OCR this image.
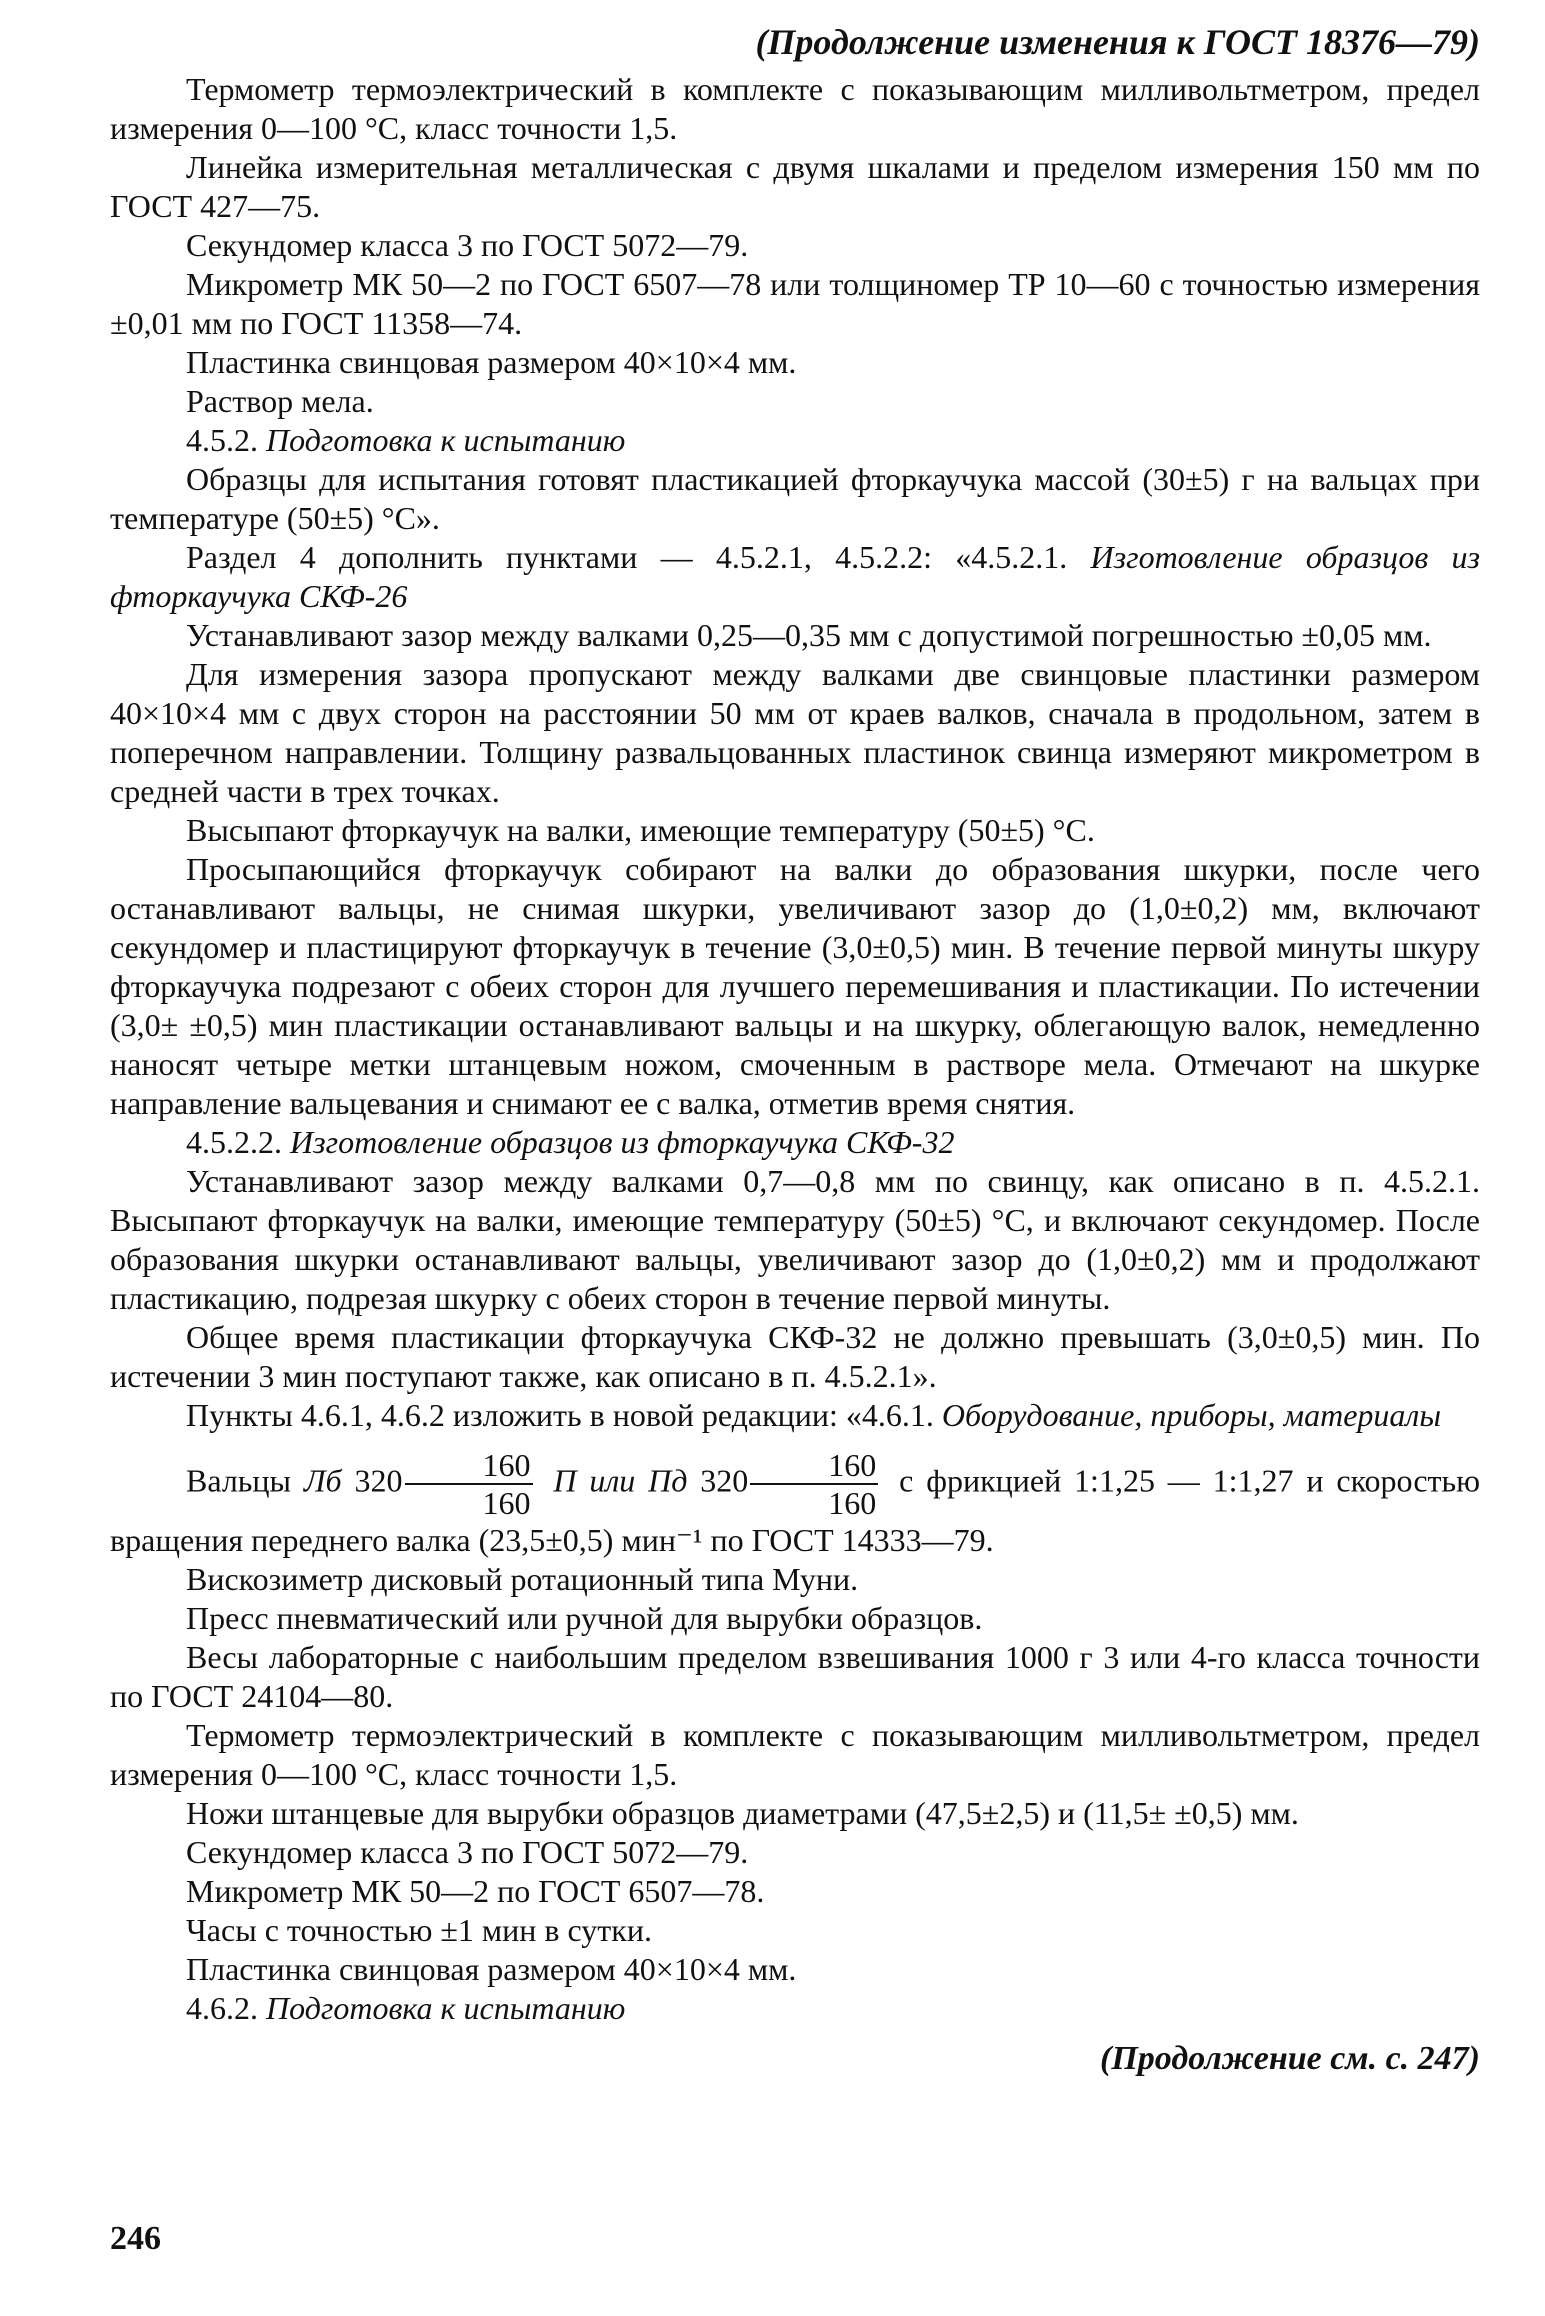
(Продолжение изменения к ГОСТ 18376—79)

Термометр термоэлектрический в комплекте с показывающим милливольтметром, предел измерения 0—100 °С, класс точности 1,5.

Линейка измерительная металлическая с двумя шкалами и пределом измерения 150 мм по ГОСТ 427—75.

Секундомер класса 3 по ГОСТ 5072—79.

Микрометр МК 50—2 по ГОСТ 6507—78 или толщиномер ТР 10—60 с точностью измерения ±0,01 мм по ГОСТ 11358—74.

Пластинка свинцовая размером 40×10×4 мм.

Раствор мела.

4.5.2. Подготовка к испытанию

Образцы для испытания готовят пластикацией фторкаучука массой (30±5) г на вальцах при температуре (50±5) °С».

Раздел 4 дополнить пунктами — 4.5.2.1, 4.5.2.2: «4.5.2.1. Изготовление образцов из фторкаучука СКФ-26

Устанавливают зазор между валками 0,25—0,35 мм с допустимой погрешностью ±0,05 мм.

Для измерения зазора пропускают между валками две свинцовые пластинки размером 40×10×4 мм с двух сторон на расстоянии 50 мм от краев валков, сначала в продольном, затем в поперечном направлении. Толщину развальцованных пластинок свинца измеряют микрометром в средней части в трех точках.

Высыпают фторкаучук на валки, имеющие температуру (50±5) °С.

Просыпающийся фторкаучук собирают на валки до образования шкурки, после чего останавливают вальцы, не снимая шкурки, увеличивают зазор до (1,0±0,2) мм, включают секундомер и пластицируют фторкаучук в течение (3,0±0,5) мин. В течение первой минуты шкуру фторкаучука подрезают с обеих сторон для лучшего перемешивания и пластикации. По истечении (3,0± ±0,5) мин пластикации останавливают вальцы и на шкурку, облегающую валок, немедленно наносят четыре метки штанцевым ножом, смоченным в растворе мела. Отмечают на шкурке направление вальцевания и снимают ее с валка, отметив время снятия.

4.5.2.2. Изготовление образцов из фторкаучука СКФ-32

Устанавливают зазор между валками 0,7—0,8 мм по свинцу, как описано в п. 4.5.2.1. Высыпают фторкаучук на валки, имеющие температуру (50±5) °С, и включают секундомер. После образования шкурки останавливают вальцы, увеличивают зазор до (1,0±0,2) мм и продолжают пластикацию, подрезая шкурку с обеих сторон в течение первой минуты.

Общее время пластикации фторкаучука СКФ-32 не должно превышать (3,0±0,5) мин. По истечении 3 мин поступают также, как описано в п. 4.5.2.1».

Пункты 4.6.1, 4.6.2 изложить в новой редакции: «4.6.1. Оборудование, приборы, материалы

Вальцы Лб $320 \frac{160}{160}$ П или Пд $320 \frac{160}{160}$ с фрикцией 1:1,25 — 1:1,27 и скоростью вращения переднего валка (23,5±0,5) мин⁻¹ по ГОСТ 14333—79.

Вискозиметр дисковый ротационный типа Муни.

Пресс пневматический или ручной для вырубки образцов.

Весы лабораторные с наибольшим пределом взвешивания 1000 г 3 или 4-го класса точности по ГОСТ 24104—80.

Термометр термоэлектрический в комплекте с показывающим милливольтметром, предел измерения 0—100 °С, класс точности 1,5.

Ножи штанцевые для вырубки образцов диаметрами (47,5±2,5) и (11,5± ±0,5) мм.

Секундомер класса 3 по ГОСТ 5072—79.

Микрометр МК 50—2 по ГОСТ 6507—78.

Часы с точностью ±1 мин в сутки.

Пластинка свинцовая размером 40×10×4 мм.

4.6.2. Подготовка к испытанию

(Продолжение см. с. 247)
246
